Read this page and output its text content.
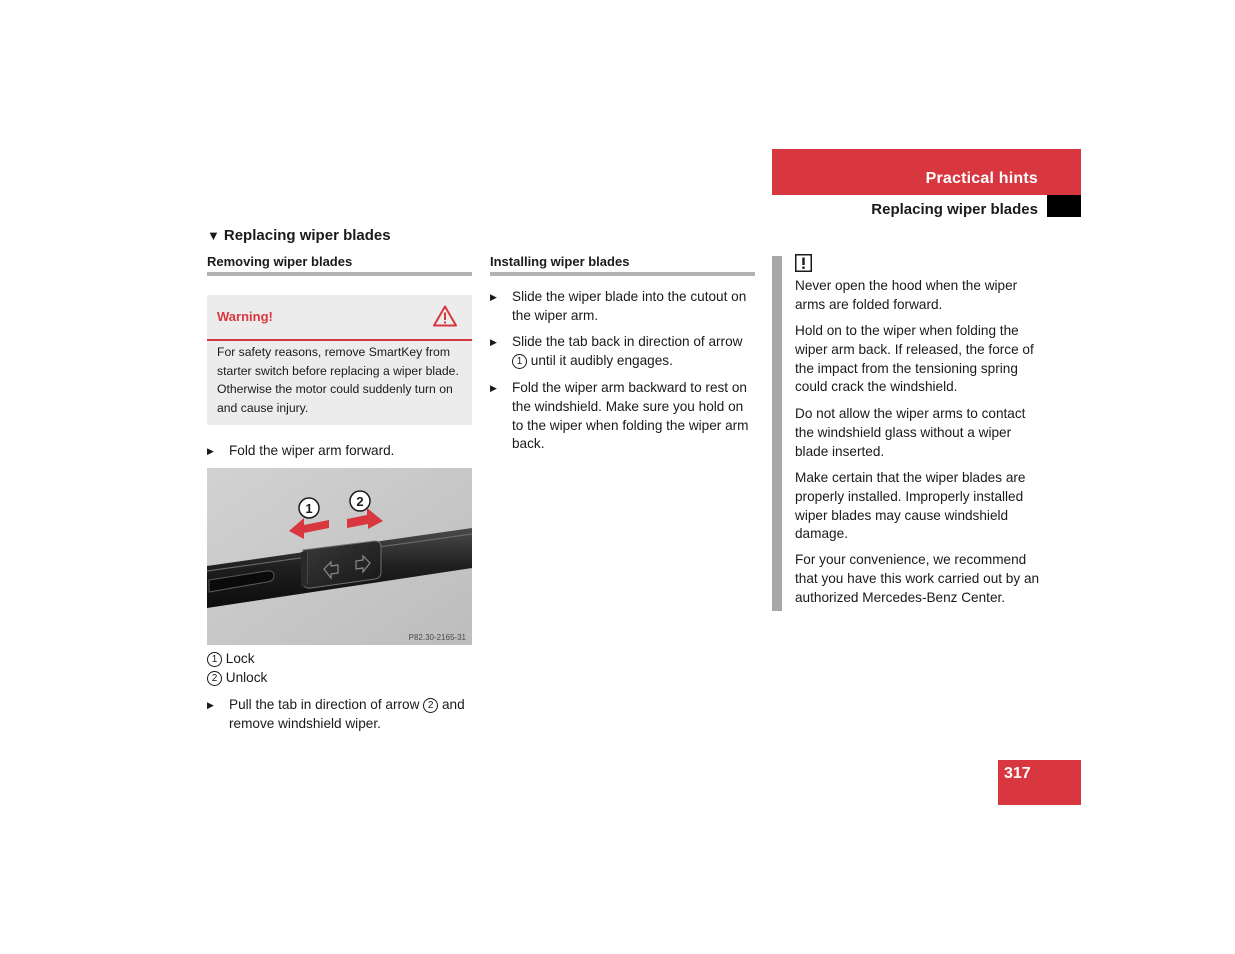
Practical hints
Replacing wiper blades
▼ Replacing wiper blades
Removing wiper blades
Warning!
For safety reasons, remove SmartKey from starter switch before replacing a wiper blade. Otherwise the motor could suddenly turn on and cause injury.
▶ Fold the wiper arm forward.
1	2
P82.30-2165-31
1 Lock
2 Unlock
▶ Pull the tab in direction of arrow 2 and remove windshield wiper.
Installing wiper blades
▶ Slide the wiper blade into the cutout on the wiper arm.
▶ Slide the tab back in direction of arrow 1 until it audibly engages.
▶ Fold the wiper arm backward to rest on the windshield. Make sure you hold on to the wiper when folding the wiper arm back.
Never open the hood when the wiper arms are folded forward.
Hold on to the wiper when folding the wiper arm back. If released, the force of the impact from the tensioning spring could crack the windshield.
Do not allow the wiper arms to contact the windshield glass without a wiper blade inserted.
Make certain that the wiper blades are properly installed. Improperly installed wiper blades may cause windshield damage.
For your convenience, we recommend that you have this work carried out by an authorized Mercedes-Benz Center.
317
